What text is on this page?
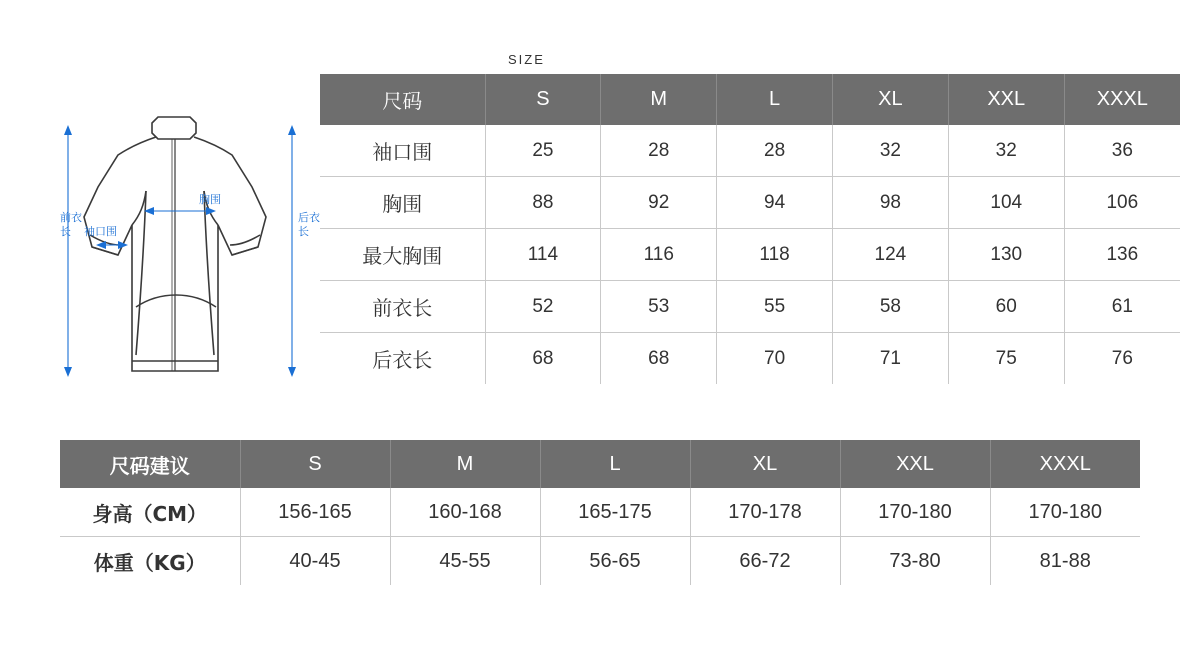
胸围
前衣
长 袖口围
后衣
长
SIZE
尺码	S	M	L	XL	XXL	XXXL
袖口围	25	28	28	32	32	36
胸围	88	92	94	98	104	106
最大胸围	114	116	118	124	130	136
前衣长	52	53	55	58	60	61
后衣长	68	68	70	71	75	76
尺码建议	S	M	L	XL	XXL	XXXL
身高（CM）	156-165	160-168	165-175	170-178	170-180	170-180
体重（KG）	40-45	45-55	56-65	66-72	73-80	81-88
